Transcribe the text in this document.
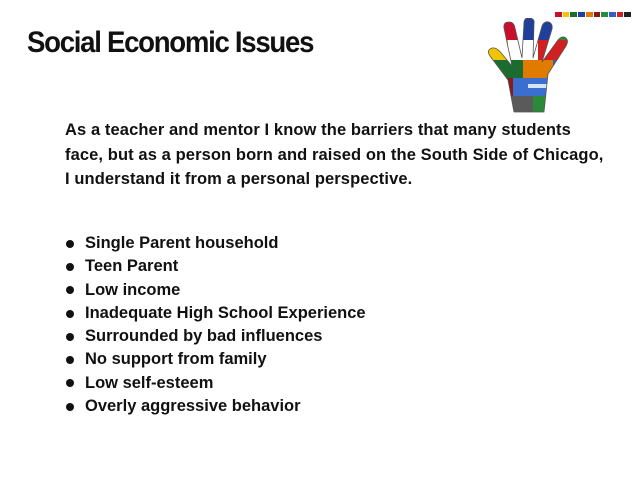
Social Economic Issues
As a teacher and mentor I know the barriers that many students face, but as a person born and raised on the South Side of Chicago, I understand it from a personal perspective.
Single Parent household
Teen Parent
Low income
Inadequate High School Experience
Surrounded by bad influences
No support from family
Low self-esteem
Overly aggressive behavior
